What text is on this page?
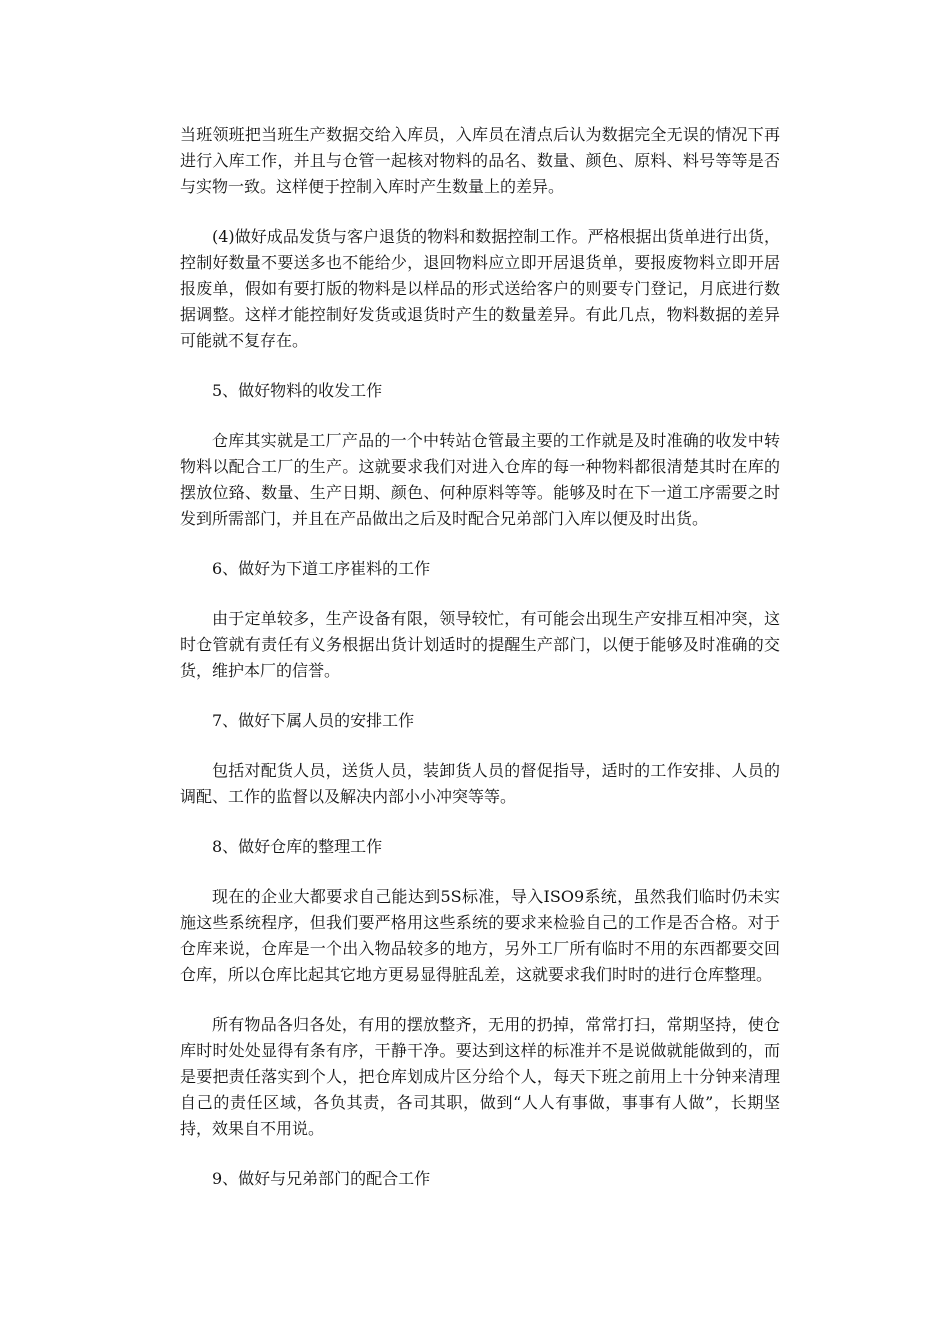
当班领班把当班生产数据交给入库员，入库员在清点后认为数据完全无误的情况下再进行入库工作，并且与仓管一起核对物料的品名、数量、颜色、原料、料号等等是否与实物一致。这样便于控制入库时产生数量上的差异。

(4)做好成品发货与客户退货的物料和数据控制工作。严格根据出货单进行出货，控制好数量不要送多也不能给少，退回物料应立即开居退货单，要报废物料立即开居报废单，假如有要打版的物料是以样品的形式送给客户的则要专门登记，月底进行数据调整。这样才能控制好发货或退货时产生的数量差异。有此几点，物料数据的差异可能就不复存在。

5、做好物料的收发工作

仓库其实就是工厂产品的一个中转站仓管最主要的工作就是及时准确的收发中转物料以配合工厂的生产。这就要求我们对进入仓库的每一种物料都很清楚其时在库的摆放位臵、数量、生产日期、颜色、何种原料等等。能够及时在下一道工序需要之时发到所需部门，并且在产品做出之后及时配合兄弟部门入库以便及时出货。

6、做好为下道工序崔料的工作

由于定单较多，生产设备有限，领导较忙，有可能会出现生产安排互相冲突，这时仓管就有责任有义务根据出货计划适时的提醒生产部门，以便于能够及时准确的交货，维护本厂的信誉。

7、做好下属人员的安排工作

包括对配货人员，送货人员，装卸货人员的督促指导，适时的工作安排、人员的调配、工作的监督以及解决内部小小冲突等等。

8、做好仓库的整理工作

现在的企业大都要求自己能达到5S标准，导入ISO9系统，虽然我们临时仍未实施这些系统程序，但我们要严格用这些系统的要求来检验自己的工作是否合格。对于仓库来说，仓库是一个出入物品较多的地方，另外工厂所有临时不用的东西都要交回仓库，所以仓库比起其它地方更易显得脏乱差，这就要求我们时时的进行仓库整理。

所有物品各归各处，有用的摆放整齐，无用的扔掉，常常打扫，常期坚持，使仓库时时处处显得有条有序，干静干净。要达到这样的标准并不是说做就能做到的，而是要把责任落实到个人，把仓库划成片区分给个人，每天下班之前用上十分钟来清理自己的责任区域，各负其责，各司其职，做到“人人有事做，事事有人做”，长期坚持，效果自不用说。

9、做好与兄弟部门的配合工作
